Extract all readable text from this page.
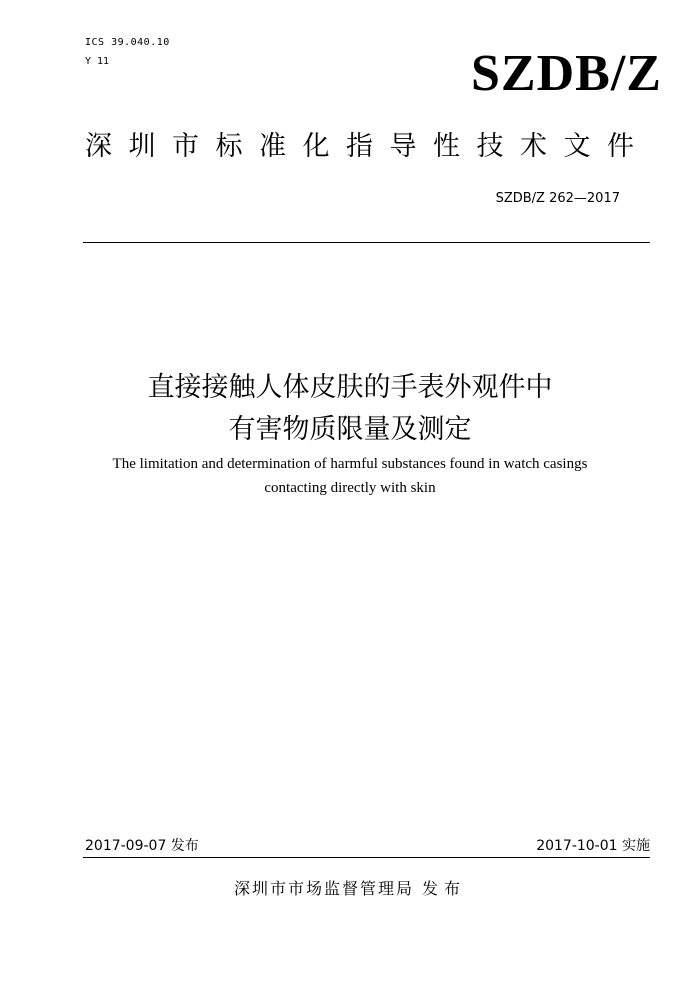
ICS 39.040.10
Y 11	SZDB/Z
深圳市标准化指导性技术文件
SZDB/Z 262—2017
直接接触人体皮肤的手表外观件中
有害物质限量及测定
The limitation and determination of harmful substances found in watch casings
contacting directly with skin
2017-09-07 发布	2017-10-01 实施
深圳市市场监督管理局 发布
